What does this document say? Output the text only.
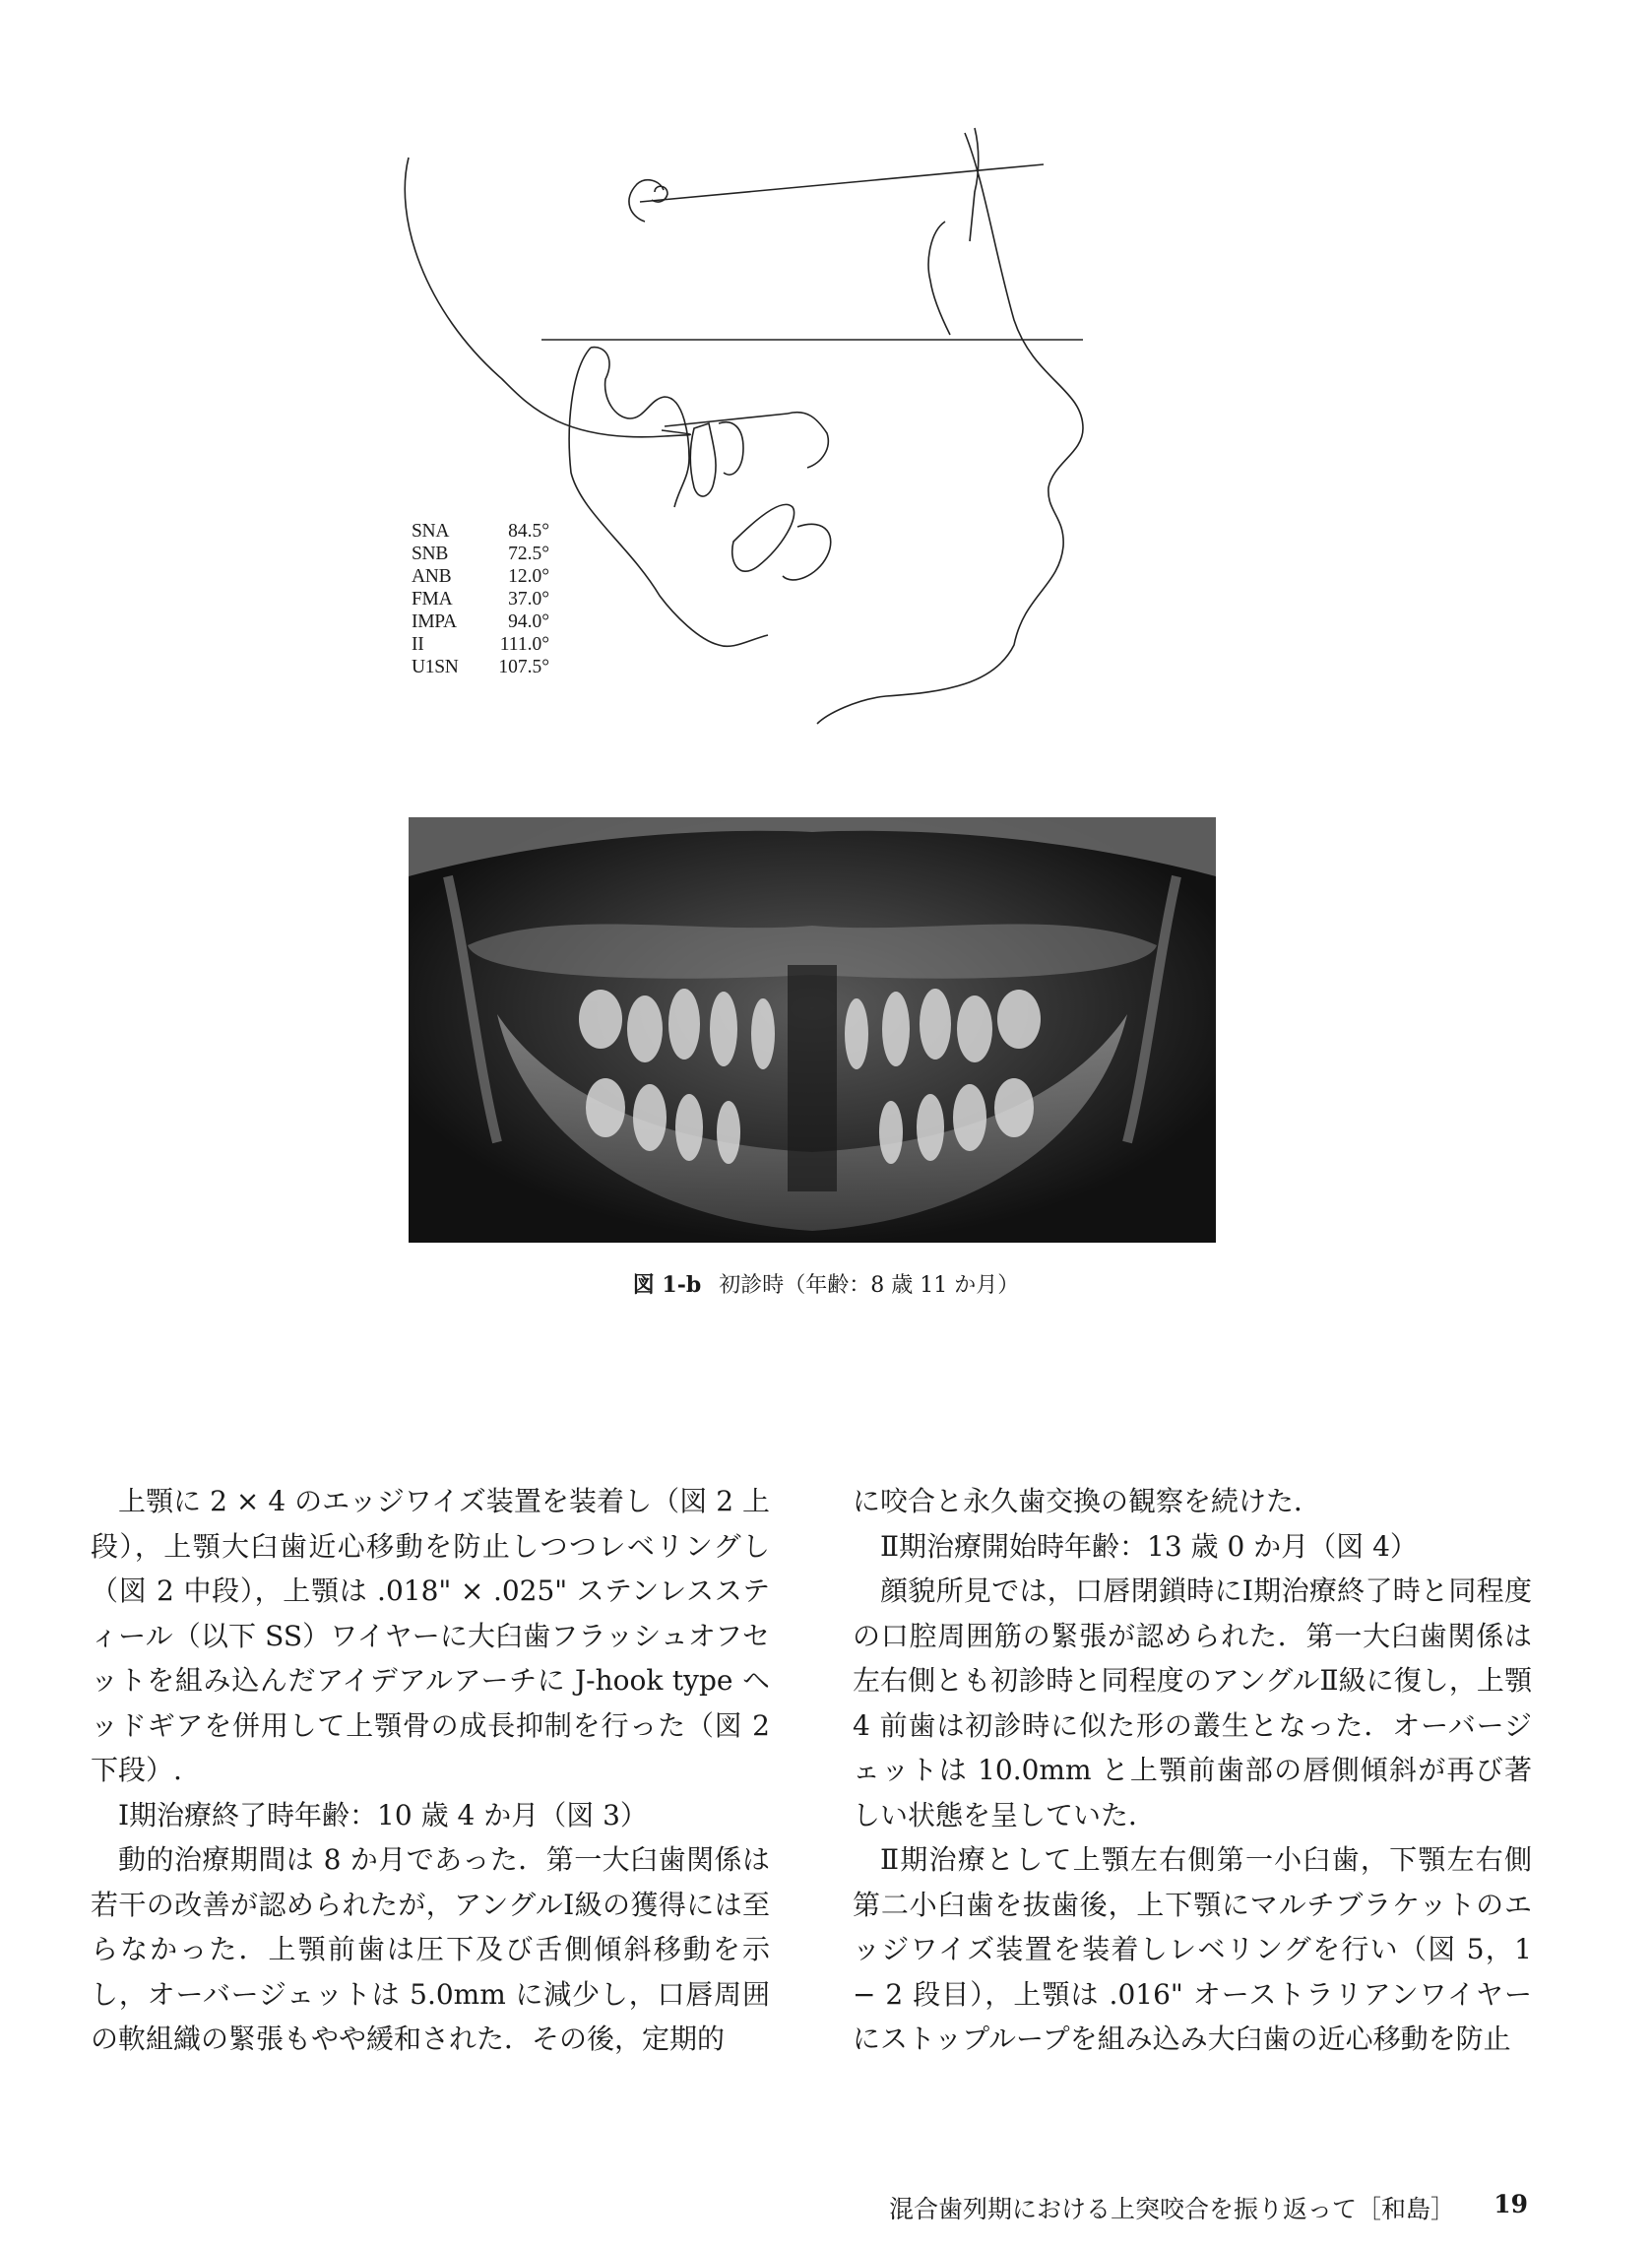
SNA	84.5°
SNB	72.5°
ANB	12.0°
FMA	37.0°
IMPA	94.0°
II	111.0°
U1SN 107.5°
図 1-b 初診時（年齢：8 歳 11 か月）

上顎に 2 × 4 のエッジワイズ装置を装着し（図 2 上段），上顎大臼歯近心移動を防止しつつレベリングし（図 2 中段），上顎は .018" × .025" ステンレススティール（以下 SS）ワイヤーに大臼歯フラッシュオフセットを組み込んだアイデアルアーチに J-hook type ヘッドギアを併用して上顎骨の成長抑制を行った（図 2 下段）.

Ⅰ期治療終了時年齢：10 歳 4 か月（図 3）

動的治療期間は 8 か月であった．第一大臼歯関係は若干の改善が認められたが，アングルⅠ級の獲得には至らなかった．上顎前歯は圧下及び舌側傾斜移動を示し，オーバージェットは 5.0mm に減少し，口唇周囲の軟組織の緊張もやや緩和された．その後，定期的

に咬合と永久歯交換の観察を続けた．

Ⅱ期治療開始時年齢：13 歳 0 か月（図 4）

顔貌所見では，口唇閉鎖時にⅠ期治療終了時と同程度の口腔周囲筋の緊張が認められた．第一大臼歯関係は左右側とも初診時と同程度のアングルⅡ級に復し，上顎 4 前歯は初診時に似た形の叢生となった．オーバージェットは 10.0mm と上顎前歯部の唇側傾斜が再び著しい状態を呈していた．

Ⅱ期治療として上顎左右側第一小臼歯，下顎左右側第二小臼歯を抜歯後，上下顎にマルチブラケットのエッジワイズ装置を装着しレベリングを行い（図 5，1 − 2 段目），上顎は .016" オーストラリアンワイヤーにストップループを組み込み大臼歯の近心移動を防止

混合歯列期における上突咬合を振り返って［和島］ 19
